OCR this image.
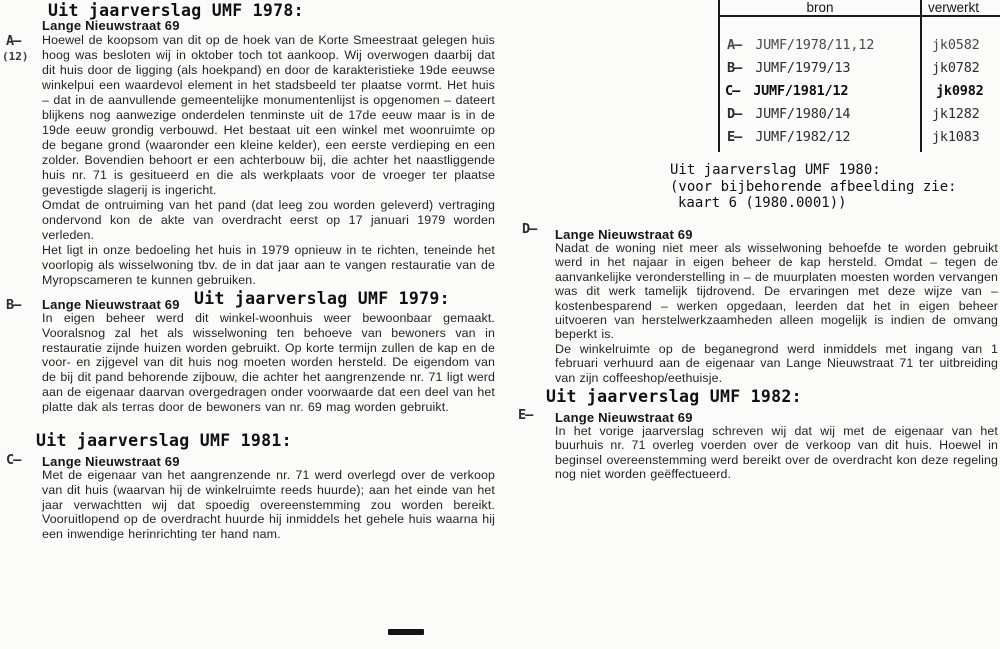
Uit jaarverslag UMF 1978:
Lange Nieuwstraat 69
A—
(12)

Hoewel de koopsom van dit op de hoek van de Korte Smeestraat gelegen huis hoog was besloten wij in oktober toch tot aankoop. Wij overwogen daarbij dat dit huis door de ligging (als hoekpand) en door de karakteristieke 19de eeuwse winkelpui een waardevol element in het stadsbeeld ter plaatse vormt. Het huis – dat in de aanvullende gemeentelijke monumentenlijst is opgenomen – dateert blijkens nog aanwezige onderdelen tenminste uit de 17de eeuw maar is in de 19de eeuw grondig verbouwd. Het bestaat uit een winkel met woonruimte op de begane grond (waaronder een kleine kelder), een eerste verdieping en een zolder. Bovendien behoort er een achterbouw bij, die achter het naastliggende huis nr. 71 is gesitueerd en die als werkplaats voor de vroeger ter plaatse gevestigde slagerij is ingericht.

Omdat de ontruiming van het pand (dat leeg zou worden geleverd) vertraging ondervond kon de akte van overdracht eerst op 17 januari 1979 worden verleden.

Het ligt in onze bedoeling het huis in 1979 opnieuw in te richten, teneinde het voorlopig als wisselwoning tbv. de in dat jaar aan te vangen restauratie van de Myropscameren te kunnen gebruiken.

Uit jaarverslag UMF 1979:
B— Lange Nieuwstraat 69

In eigen beheer werd dit winkel-woonhuis weer bewoonbaar gemaakt. Vooralsnog zal het als wisselwoning ten behoeve van bewoners van in restauratie zijnde huizen worden gebruikt. Op korte termijn zullen de kap en de voor- en zijgevel van dit huis nog moeten worden hersteld. De eigendom van de bij dit pand behorende zijbouw, die achter het aangrenzende nr. 71 ligt werd aan de eigenaar daarvan overgedragen onder voorwaarde dat een deel van het platte dak als terras door de bewoners van nr. 69 mag worden gebruikt.

Uit jaarverslag UMF 1981:
C— Lange Nieuwstraat 69

Met de eigenaar van het aangrenzende nr. 71 werd overlegd over de verkoop van dit huis (waarvan hij de winkelruimte reeds huurde); aan het einde van het jaar verwachtten wij dat spoedig overeenstemming zou worden bereikt. Vooruitlopend op de overdracht huurde hij inmiddels het gehele huis waarna hij een inwendige herinrichting ter hand nam.

bron	verwerkt
A— JUMF/1978/11,12	jk0582
B— JUMF/1979/13	jk0782
C— JUMF/1981/12	jk0982
D— JUMF/1980/14	jk1282
E— JUMF/1982/12	jk1083
Uit jaarverslag UMF 1980:
(voor bijbehorende afbeelding zie:
kaart 6 (1980.0001))
D— Lange Nieuwstraat 69

Nadat de woning niet meer als wisselwoning behoefde te worden gebruikt werd in het najaar in eigen beheer de kap hersteld. Omdat – tegen de aanvankelijke veronderstelling in – de muurplaten moesten worden vervangen was dit werk tamelijk tijdrovend. De ervaringen met deze wijze van – kostenbesparend – werken opgedaan, leerden dat het in eigen beheer uitvoeren van herstelwerkzaamheden alleen mogelijk is indien de omvang beperkt is.

De winkelruimte op de beganegrond werd inmiddels met ingang van 1 februari verhuurd aan de eigenaar van Lange Nieuwstraat 71 ter uitbreiding van zijn coffeeshop/eethuisje.

Uit jaarverslag UMF 1982:
E— Lange Nieuwstraat 69

In het vorige jaarverslag schreven wij dat wij met de eigenaar van het buurhuis nr. 71 overleg voerden over de verkoop van dit huis. Hoewel in beginsel overeenstemming werd bereikt over de overdracht kon deze regeling nog niet worden geëffectueerd.
